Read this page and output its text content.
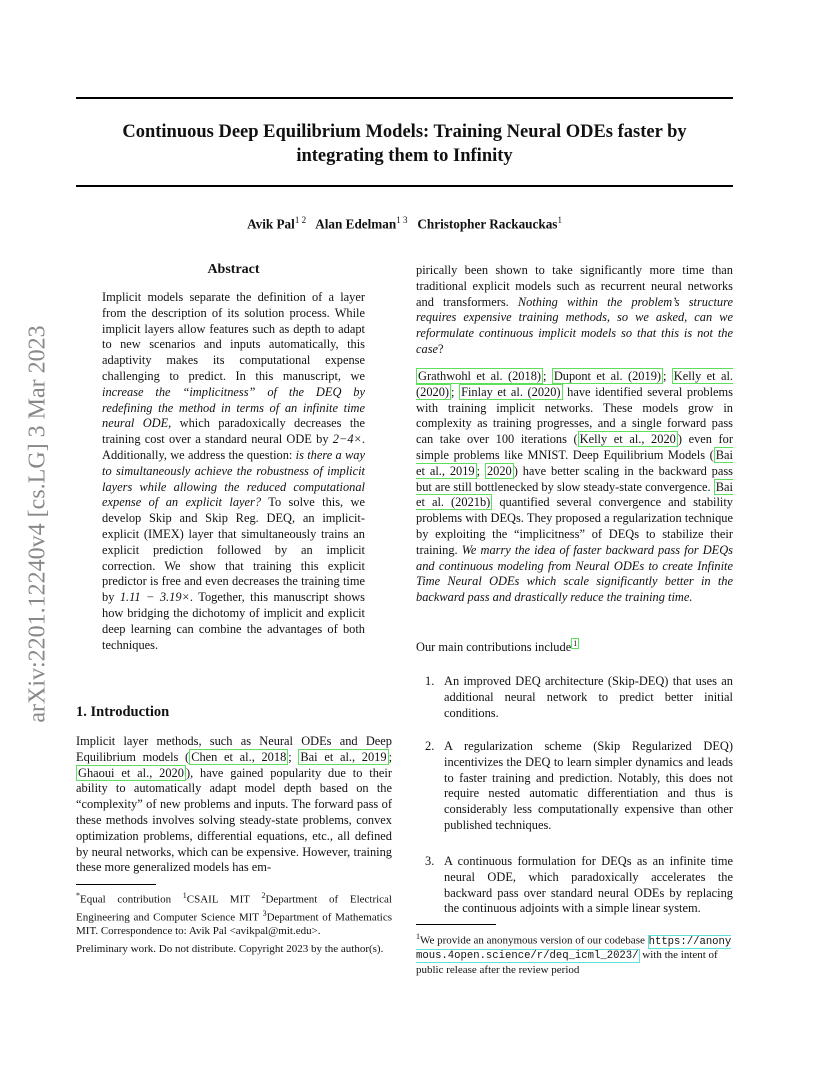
Continuous Deep Equilibrium Models: Training Neural ODEs faster by
integrating them to Infinity
Avik Pal$^{1 2}$ Alan Edelman$^{1 3}$ Christopher Rackauckas$^1$
arXiv:2201.12240v4 [cs.LG] 3 Mar 2023
Abstract

Implicit models separate the definition of a layer from the description of its solution process. While implicit layers allow features such as depth to adapt to new scenarios and inputs automatically, this adaptivity makes its computational expense challenging to predict. In this manuscript, we increase the “implicitness” of the DEQ by redefining the method in terms of an infinite time neural ODE, which paradoxically decreases the training cost over a standard neural ODE by 2−4×. Additionally, we address the question: is there a way to simultaneously achieve the robustness of implicit layers while allowing the reduced computational expense of an explicit layer? To solve this, we develop Skip and Skip Reg. DEQ, an implicit-explicit (IMEX) layer that simultaneously trains an explicit prediction followed by an implicit correction. We show that training this explicit predictor is free and even decreases the training time by 1.11 − 3.19×. Together, this manuscript shows how bridging the dichotomy of implicit and explicit deep learning can combine the advantages of both techniques.

1. Introduction

Implicit layer methods, such as Neural ODEs and Deep Equilibrium models ( Chen et al., 2018 ; Bai et al., 2019 ; Ghaoui et al., 2020 ), have gained popularity due to their ability to automatically adapt model depth based on the “complexity” of new problems and inputs. The forward pass of these methods involves solving steady-state problems, convex optimization problems, differential equations, etc., all defined by neural networks, which can be expensive. However, training these more generalized models has em-

*Equal contribution $^1$CSAIL MIT $^2$Department of Electrical Engineering and Computer Science MIT $^3$Department of Mathematics MIT. Correspondence to: Avik Pal <avikpal@mit.edu>.
Preliminary work. Do not distribute. Copyright 2023 by the author(s).

pirically been shown to take significantly more time than traditional explicit models such as recurrent neural networks and transformers. Nothing within the problem’s structure requires expensive training methods, so we asked, can we reformulate continuous implicit models so that this is not the case?

Grathwohl et al. (2018) ; Dupont et al. (2019) ; Kelly et al. (2020) ; Finlay et al. (2020) have identified several problems with training implicit networks. These models grow in complexity as training progresses, and a single forward pass can take over 100 iterations ( Kelly et al., 2020 ) even for simple problems like MNIST. Deep Equilibrium Models ( Bai et al., 2019 ; 2020 ) have better scaling in the backward pass but are still bottlenecked by slow steady-state convergence. Bai et al. (2021b) quantified several convergence and stability problems with DEQs. They proposed a regularization technique by exploiting the “implicitness” of DEQs to stabilize their training. We marry the idea of faster backward pass for DEQs and continuous modeling from Neural ODEs to create Infinite Time Neural ODEs which scale significantly better in the backward pass and drastically reduce the training time.

Our main contributions include $^1$
1. An improved DEQ architecture (Skip-DEQ) that uses an additional neural network to predict better initial conditions.
2. A regularization scheme (Skip Regularized DEQ) incentivizes the DEQ to learn simpler dynamics and leads to faster training and prediction. Notably, this does not require nested automatic differentiation and thus is considerably less computationally expensive than other published techniques.
3. A continuous formulation for DEQs as an infinite time neural ODE, which paradoxically accelerates the backward pass over standard neural ODEs by replacing the continuous adjoints with a simple linear system.
$^1$We provide an anonymous version of our codebase https://anonymous.4open.science/r/deq_icml_2023/ with the intent of public release after the review period
